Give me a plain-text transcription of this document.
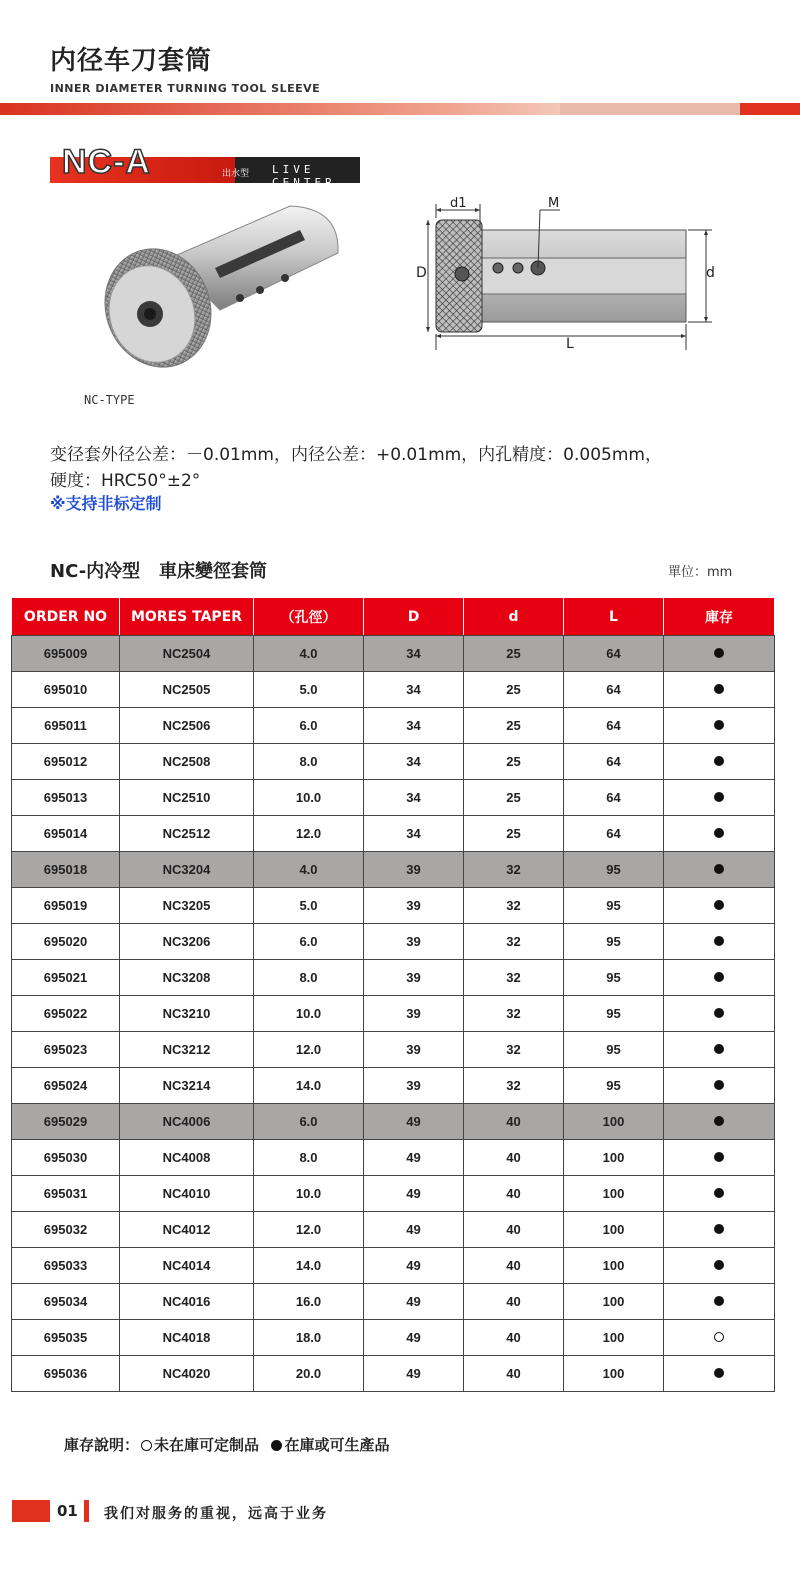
内径车刀套筒
INNER DIAMETER TURNING TOOL SLEEVE
NC-A	出水型 LIVE CENTER
NC-TYPE
d1	M
D	d
L
变径套外径公差：－0.01mm，内径公差：+0.01mm，内孔精度：0.005mm，
硬度：HRC50°±2°
※支持非标定制
NC-内冷型   車床變徑套筒	單位：mm
ORDER NO	MORES TAPER	（孔徑）	D	d	L	庫存
695009	NC2504	4.0	34	25	64	
695010	NC2505	5.0	34	25	64	
695011	NC2506	6.0	34	25	64	
695012	NC2508	8.0	34	25	64	
695013	NC2510	10.0	34	25	64	
695014	NC2512	12.0	34	25	64	
695018	NC3204	4.0	39	32	95	
695019	NC3205	5.0	39	32	95	
695020	NC3206	6.0	39	32	95	
695021	NC3208	8.0	39	32	95	
695022	NC3210	10.0	39	32	95	
695023	NC3212	12.0	39	32	95	
695024	NC3214	14.0	39	32	95	
695029	NC4006	6.0	49	40	100	
695030	NC4008	8.0	49	40	100	
695031	NC4010	10.0	49	40	100	
695032	NC4012	12.0	49	40	100	
695033	NC4014	14.0	49	40	100	
695034	NC4016	16.0	49	40	100	
695035	NC4018	18.0	49	40	100	
695036	NC4020	20.0	49	40	100	
庫存說明： 未在庫可定制品 在庫或可生產品
01 我们对服务的重视，远高于业务
